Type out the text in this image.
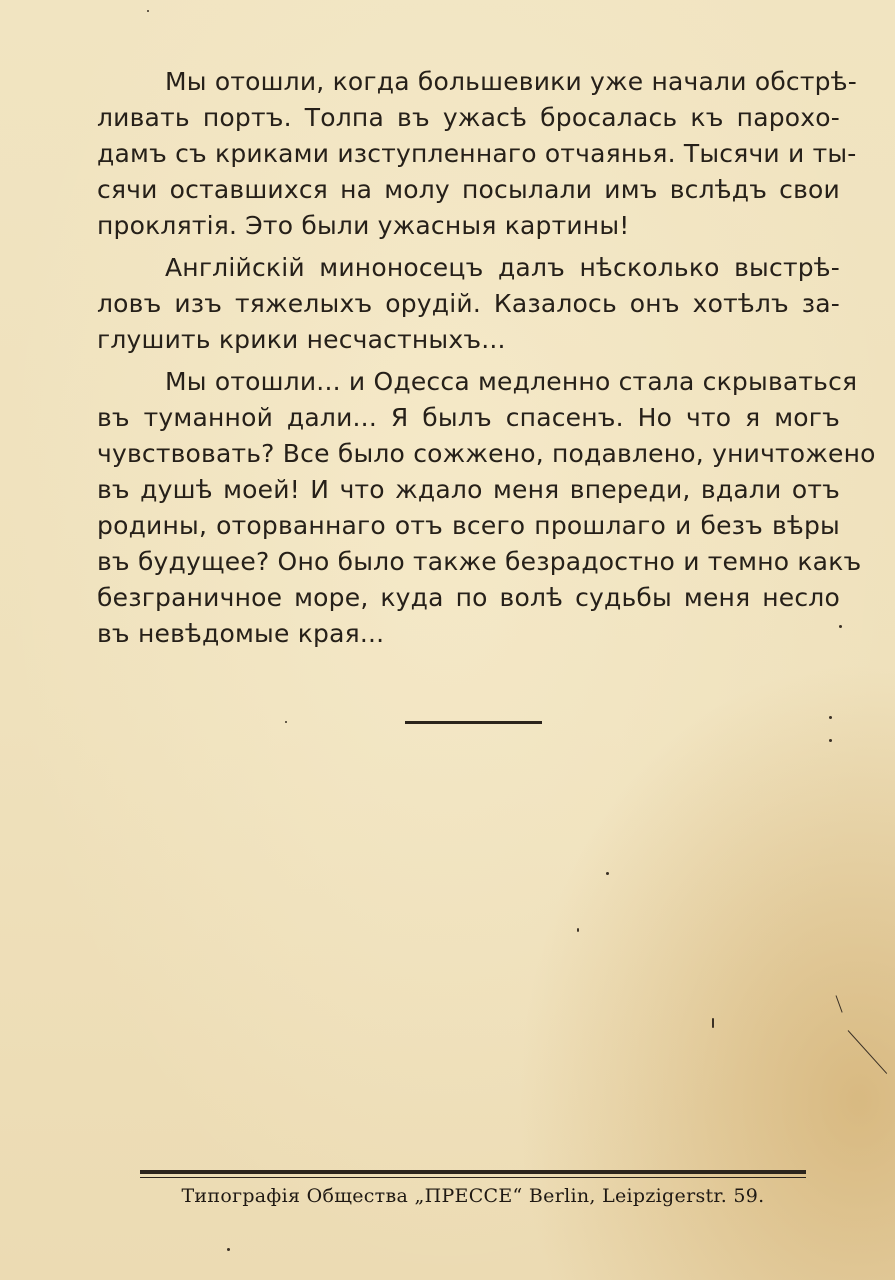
Мы отошли, когда большевики уже начали обстрѣ-
ливать портъ. Толпа въ ужасѣ бросалась къ парохо-
дамъ съ криками изступленнаго отчаянья. Тысячи и ты-
сячи оставшихся на молу посылали имъ вслѣдъ свои
проклятія. Это были ужасныя картины!
Англійскій миноносецъ далъ нѣсколько выстрѣ-
ловъ изъ тяжелыхъ орудій. Казалось онъ хотѣлъ за-
глушить крики несчастныхъ...
Мы отошли... и Одесса медленно стала скрываться
въ туманной дали... Я былъ спасенъ. Но что я могъ
чувствовать? Все было сожжено, подавлено, уничтожено
въ душѣ моей! И что ждало меня впереди, вдали отъ
родины, оторваннаго отъ всего прошлаго и безъ вѣры
въ будущее? Оно было также безрадостно и темно какъ
безграничное море, куда по волѣ судьбы меня несло
въ невѣдомые края...
Типографія Общества „ПРЕССЕ“ Berlin, Leipzigerstr. 59.
